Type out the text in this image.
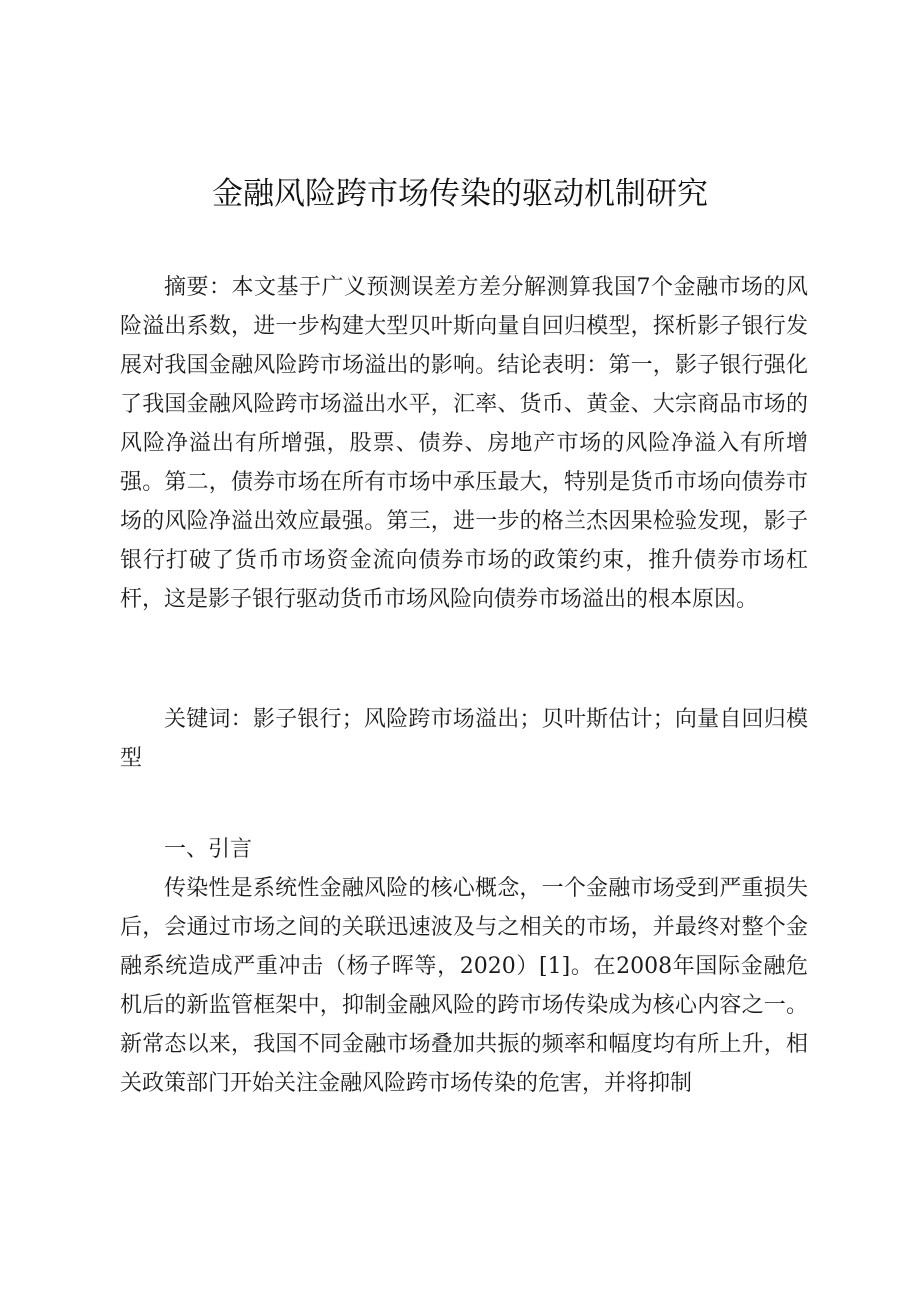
金融风险跨市场传染的驱动机制研究

摘要：本文基于广义预测误差方差分解测算我国7个金融市场的风险溢出系数，进一步构建大型贝叶斯向量自回归模型，探析影子银行发展对我国金融风险跨市场溢出的影响。结论表明：第一，影子银行强化了我国金融风险跨市场溢出水平，汇率、货币、黄金、大宗商品市场的风险净溢出有所增强，股票、债券、房地产市场的风险净溢入有所增强。第二，债券市场在所有市场中承压最大，特别是货币市场向债券市场的风险净溢出效应最强。第三，进一步的格兰杰因果检验发现，影子银行打破了货币市场资金流向债券市场的政策约束，推升债券市场杠杆，这是影子银行驱动货币市场风险向债券市场溢出的根本原因。

关键词：影子银行；风险跨市场溢出；贝叶斯估计；向量自回归模型

一、引言

传染性是系统性金融风险的核心概念，一个金融市场受到严重损失后，会通过市场之间的关联迅速波及与之相关的市场，并最终对整个金融系统造成严重冲击（杨子晖等，2020）[1]。在2008年国际金融危机后的新监管框架中，抑制金融风险的跨市场传染成为核心内容之一。新常态以来，我国不同金融市场叠加共振的频率和幅度均有所上升，相关政策部门开始关注金融风险跨市场传染的危害，并将抑制
